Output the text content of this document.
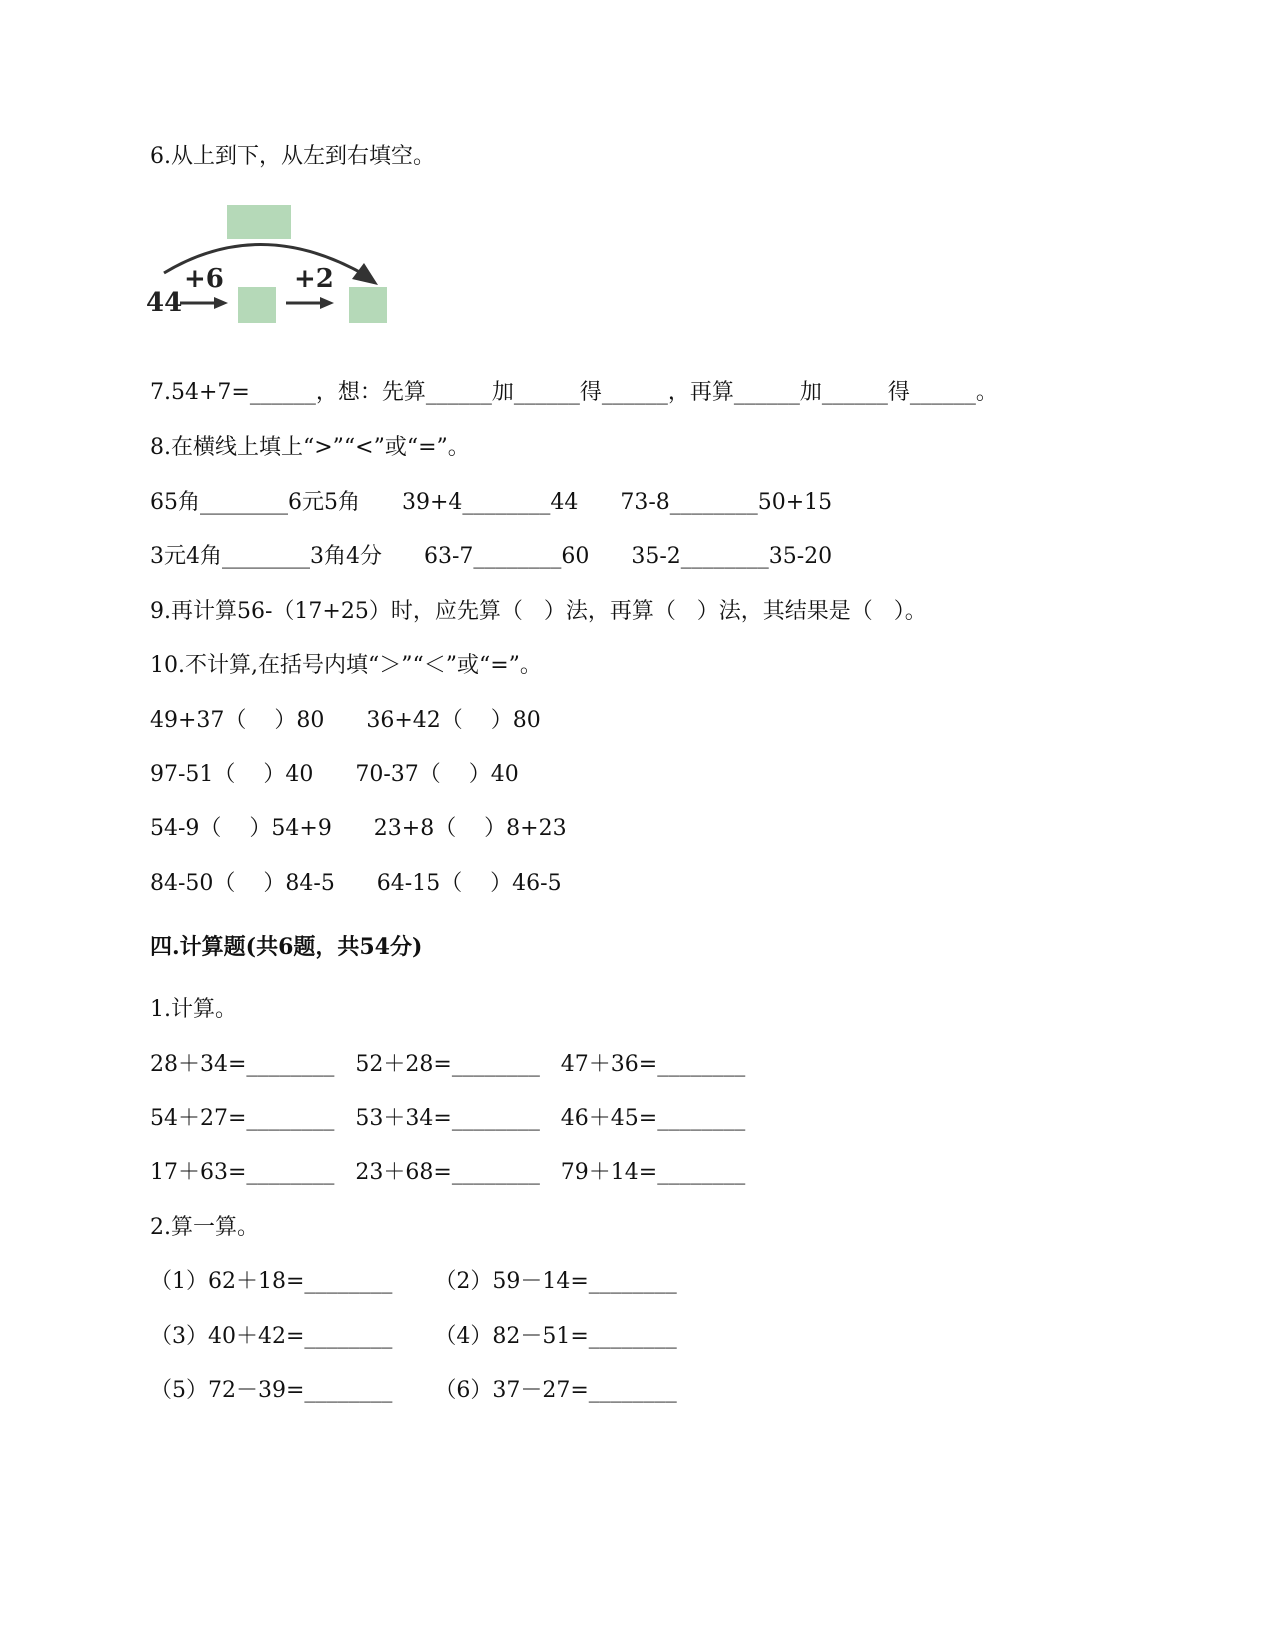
6.从上到下，从左到右填空。
44
+6	+2
7.54+7=______，想：先算______加______得______，再算______加______得______。
8.在横线上填上“>”“<”或“=”。
65角________6元5角      39+4________44      73-8________50+15
3元4角________3角4分      63-7________60      35-2________35-20
9.再计算56-（17+25）时，应先算（   ）法，再算（   ）法，其结果是（   ）。
10.不计算,在括号内填“＞”“＜”或“=”。
49+37（    ）80      36+42（    ）80
97-51（    ）40      70-37（    ）40
54-9（    ）54+9      23+8（    ）8+23
84-50（    ）84-5      64-15（    ）46-5
四.计算题(共6题，共54分)
1.计算。
28＋34=________   52＋28=________   47＋36=________
54＋27=________   53＋34=________   46＋45=________
17＋63=________   23＋68=________   79＋14=________
2.算一算。
（1）62＋18=________      （2）59－14=________
（3）40＋42=________      （4）82－51=________
（5）72－39=________      （6）37－27=________
